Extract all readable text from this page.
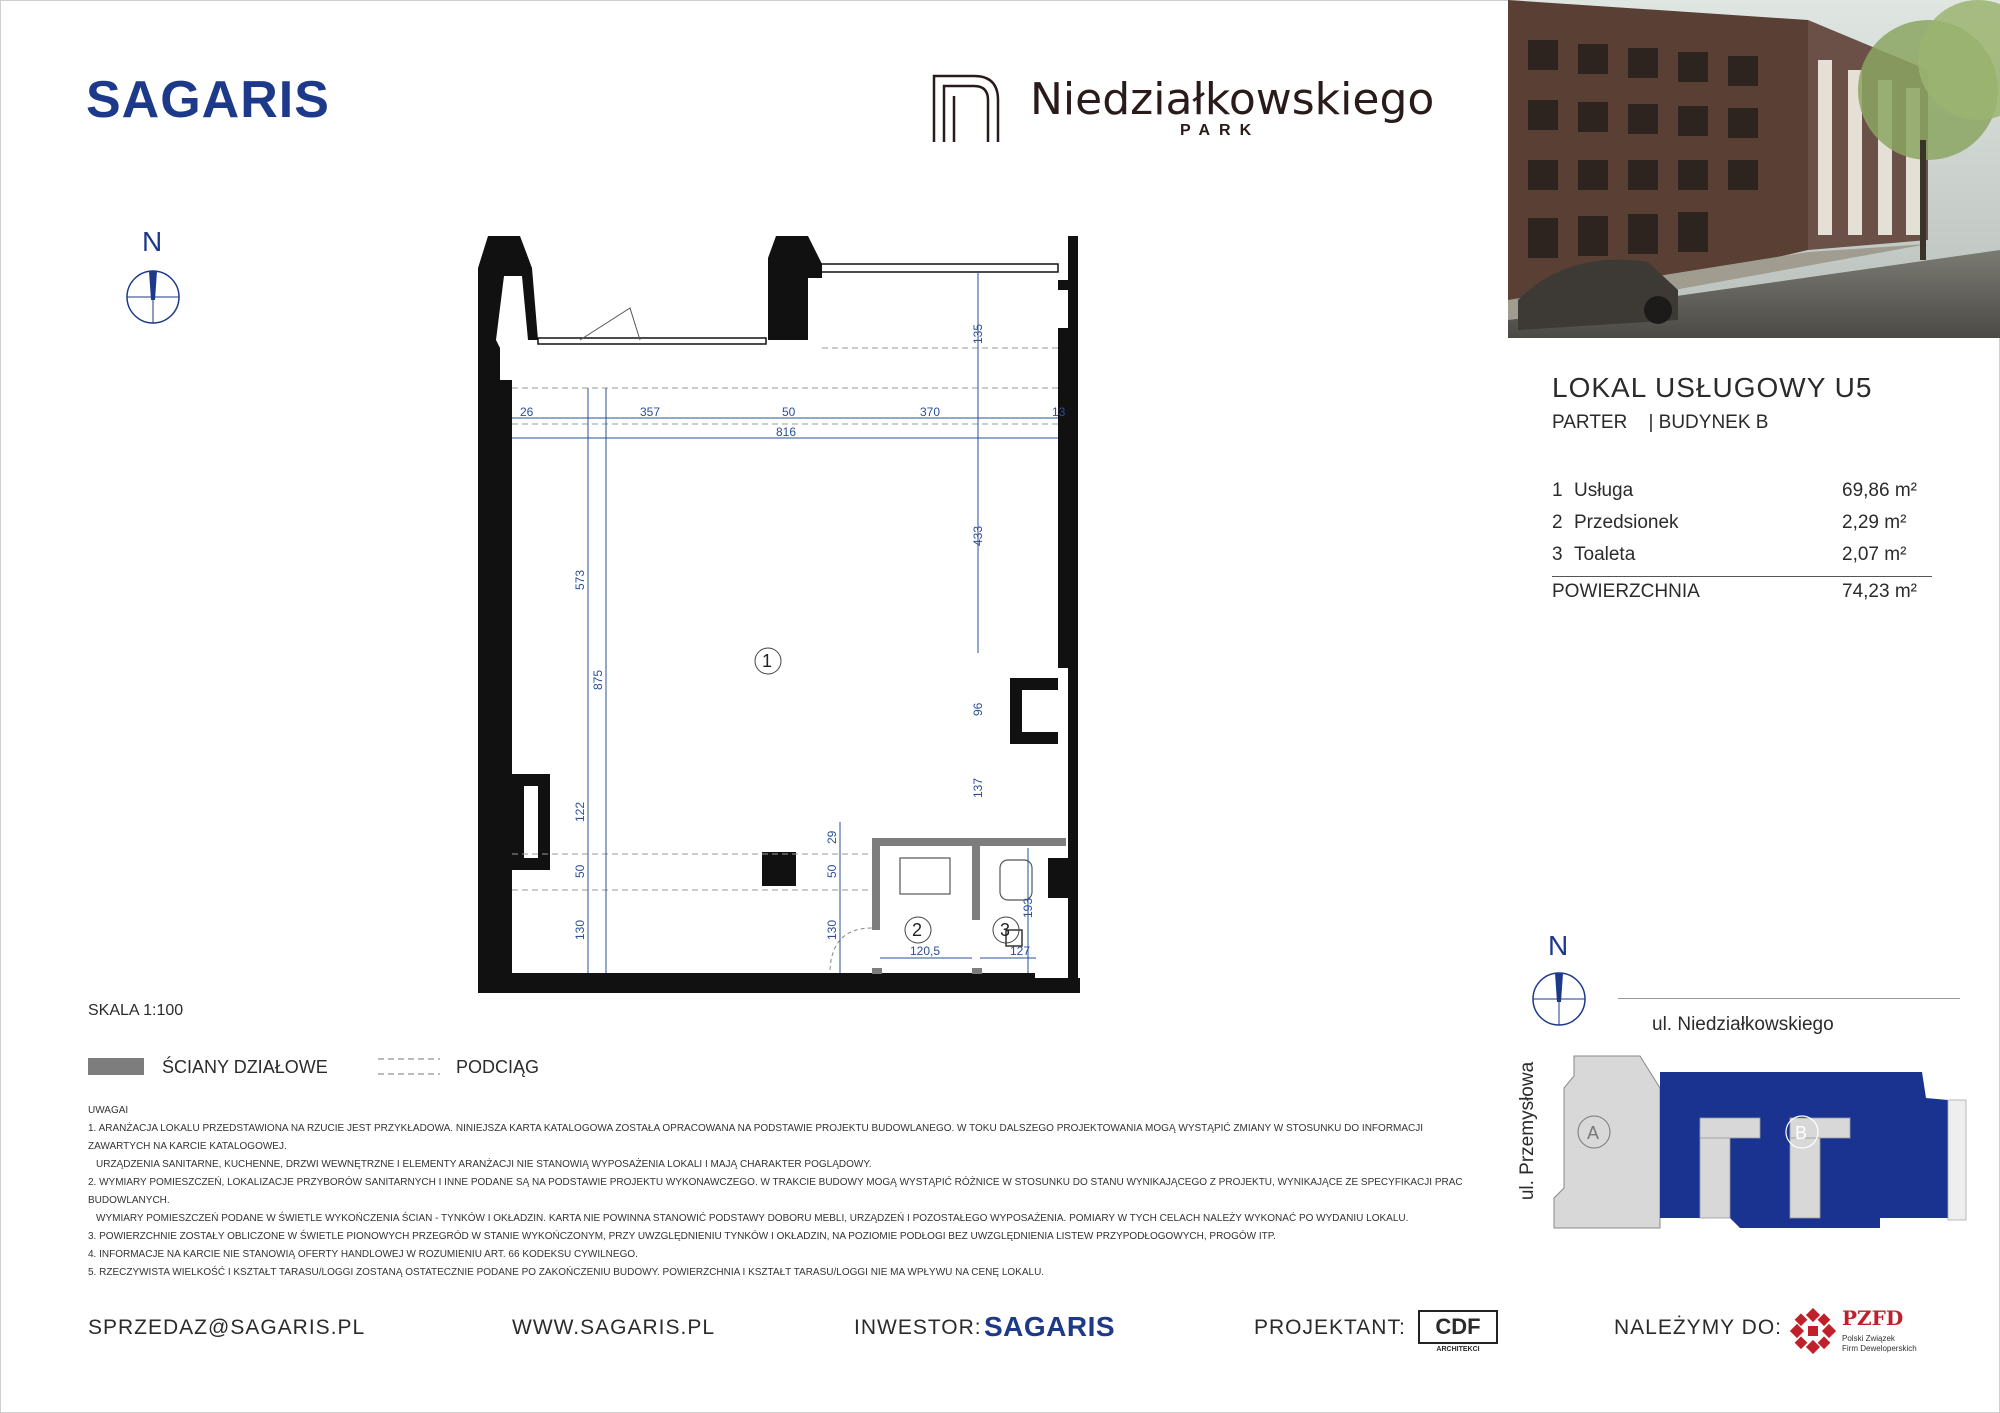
SAGARIS	Niedziałkowskiego
PARK
N
26	357	50	370	13
816
135
433
96
137
573
875
122
50
130
29
50
130
120,5	127
193
1
2	3
LOKAL USŁUGOWY U5
PARTER | BUDYNEK B
1 Usługa	69,86 m²
2 Przedsionek	2,29 m²
3 Toaleta	2,07 m²
POWIERZCHNIA	74,23 m²
SKALA 1:100
ŚCIANY DZIAŁOWE	PODCIĄG
UWAGAI
1. ARANŻACJA LOKALU PRZEDSTAWIONA NA RZUCIE JEST PRZYKŁADOWA. NINIEJSZA KARTA KATALOGOWA ZOSTAŁA OPRACOWANA NA PODSTAWIE PROJEKTU BUDOWLANEGO. W TOKU DALSZEGO PROJEKTOWANIA MOGĄ WYSTĄPIĆ ZMIANY W STOSUNKU DO INFORMACJI ZAWARTYCH NA KARCIE KATALOGOWEJ.
URZĄDZENIA SANITARNE, KUCHENNE, DRZWI WEWNĘTRZNE I ELEMENTY ARANŻACJI NIE STANOWIĄ WYPOSAŻENIA LOKALI I MAJĄ CHARAKTER POGLĄDOWY.
2. WYMIARY POMIESZCZEŃ, LOKALIZACJE PRZYBORÓW SANITARNYCH I INNE PODANE SĄ NA PODSTAWIE PROJEKTU WYKONAWCZEGO. W TRAKCIE BUDOWY MOGĄ WYSTĄPIĆ RÓŻNICE W STOSUNKU DO STANU WYNIKAJĄCEGO Z PROJEKTU, WYNIKAJĄCE ZE SPECYFIKACJI PRAC BUDOWLANYCH.
WYMIARY POMIESZCZEŃ PODANE W ŚWIETLE WYKOŃCZENIA ŚCIAN - TYNKÓW I OKŁADZIN. KARTA NIE POWINNA STANOWIĆ PODSTAWY DOBORU MEBLI, URZĄDZEŃ I POZOSTAŁEGO WYPOSAŻENIA. POMIARY W TYCH CELACH NALEŻY WYKONAĆ PO WYDANIU LOKALU.
3. POWIERZCHNIE ZOSTAŁY OBLICZONE W ŚWIETLE PIONOWYCH PRZEGRÓD W STANIE WYKOŃCZONYM, PRZY UWZGLĘDNIENIU TYNKÓW I OKŁADZIN, NA POZIOMIE PODŁOGI BEZ UWZGLĘDNIENIA LISTEW PRZYPODŁOGOWYCH, PROGÓW ITP.
4. INFORMACJE NA KARCIE NIE STANOWIĄ OFERTY HANDLOWEJ W ROZUMIENIU ART. 66 KODEKSU CYWILNEGO.
5. RZECZYWISTA WIELKOŚĆ I KSZTAŁT TARASU/LOGGI ZOSTANĄ OSTATECZNIE PODANE PO ZAKOŃCZENIU BUDOWY. POWIERZCHNIA I KSZTAŁT TARASU/LOGGI NIE MA WPŁYWU NA CENĘ LOKALU.
N
ul. Niedziałkowskiego
ul. Przemysłowa	A	B
SPRZEDAZ@SAGARIS.PL	WWW.SAGARIS.PL	INWESTOR: SAGARIS	PROJEKTANT:	CDF
ARCHITEKCI
NALEŻYMY DO:	PZFD
Polski Związek
Firm Deweloperskich
